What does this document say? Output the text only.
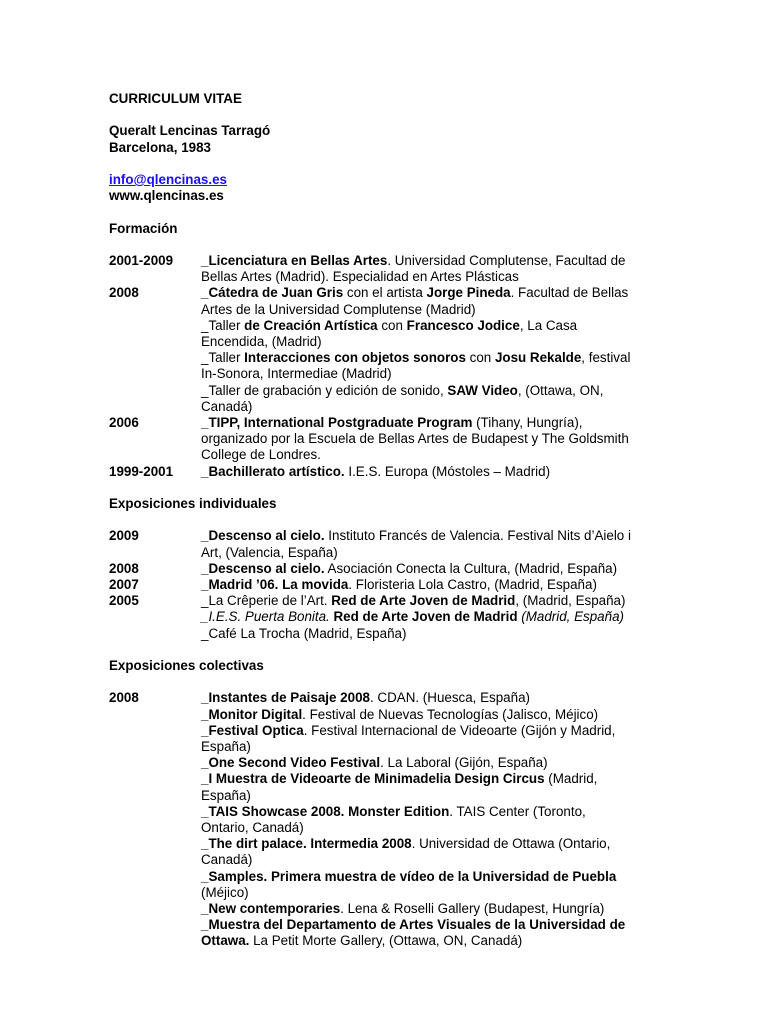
CURRICULUM VITAE
Queralt Lencinas Tarragó
Barcelona, 1983
info@qlencinas.es
www.qlencinas.es
Formación
2001-2009	_Licenciatura en Bellas Artes. Universidad Complutense, Facultad de
Bellas Artes (Madrid). Especialidad en Artes Plásticas
2008	_Cátedra de Juan Gris con el artista Jorge Pineda. Facultad de Bellas
Artes de la Universidad Complutense (Madrid)
_Taller de Creación Artística con Francesco Jodice, La Casa
Encendida, (Madrid)
_Taller Interacciones con objetos sonoros con Josu Rekalde, festival
In-Sonora, Intermediae (Madrid)
_Taller de grabación y edición de sonido, SAW Video, (Ottawa, ON,
Canadá)
2006	_TIPP, International Postgraduate Program (Tihany, Hungría),
organizado por la Escuela de Bellas Artes de Budapest y The Goldsmith
College de Londres.
1999-2001	_Bachillerato artístico. I.E.S. Europa (Móstoles – Madrid)
Exposiciones individuales
2009	_Descenso al cielo. Instituto Francés de Valencia. Festival Nits d’Aielo i
Art, (Valencia, España)
2008	_Descenso al cielo. Asociación Conecta la Cultura, (Madrid, España)
2007	_Madrid ’06. La movida. Floristeria Lola Castro, (Madrid, España)
2005	_La Crêperie de l’Art. Red de Arte Joven de Madrid, (Madrid, España)
_I.E.S. Puerta Bonita. Red de Arte Joven de Madrid (Madrid, España)
_Café La Trocha (Madrid, España)
Exposiciones colectivas
2008	_Instantes de Paisaje 2008. CDAN. (Huesca, España)
_Monitor Digital. Festival de Nuevas Tecnologías (Jalisco, Méjico)
_Festival Optica. Festival Internacional de Videoarte (Gijón y Madrid,
España)
_One Second Video Festival. La Laboral (Gijón, España)
_I Muestra de Videoarte de Minimadelia Design Circus (Madrid,
España)
_TAIS Showcase 2008. Monster Edition. TAIS Center (Toronto,
Ontario, Canadá)
_The dirt palace. Intermedia 2008. Universidad de Ottawa (Ontario,
Canadá)
_Samples. Primera muestra de vídeo de la Universidad de Puebla
(Méjico)
_New contemporaries. Lena & Roselli Gallery (Budapest, Hungría)
_Muestra del Departamento de Artes Visuales de la Universidad de
Ottawa. La Petit Morte Gallery, (Ottawa, ON, Canadá)
